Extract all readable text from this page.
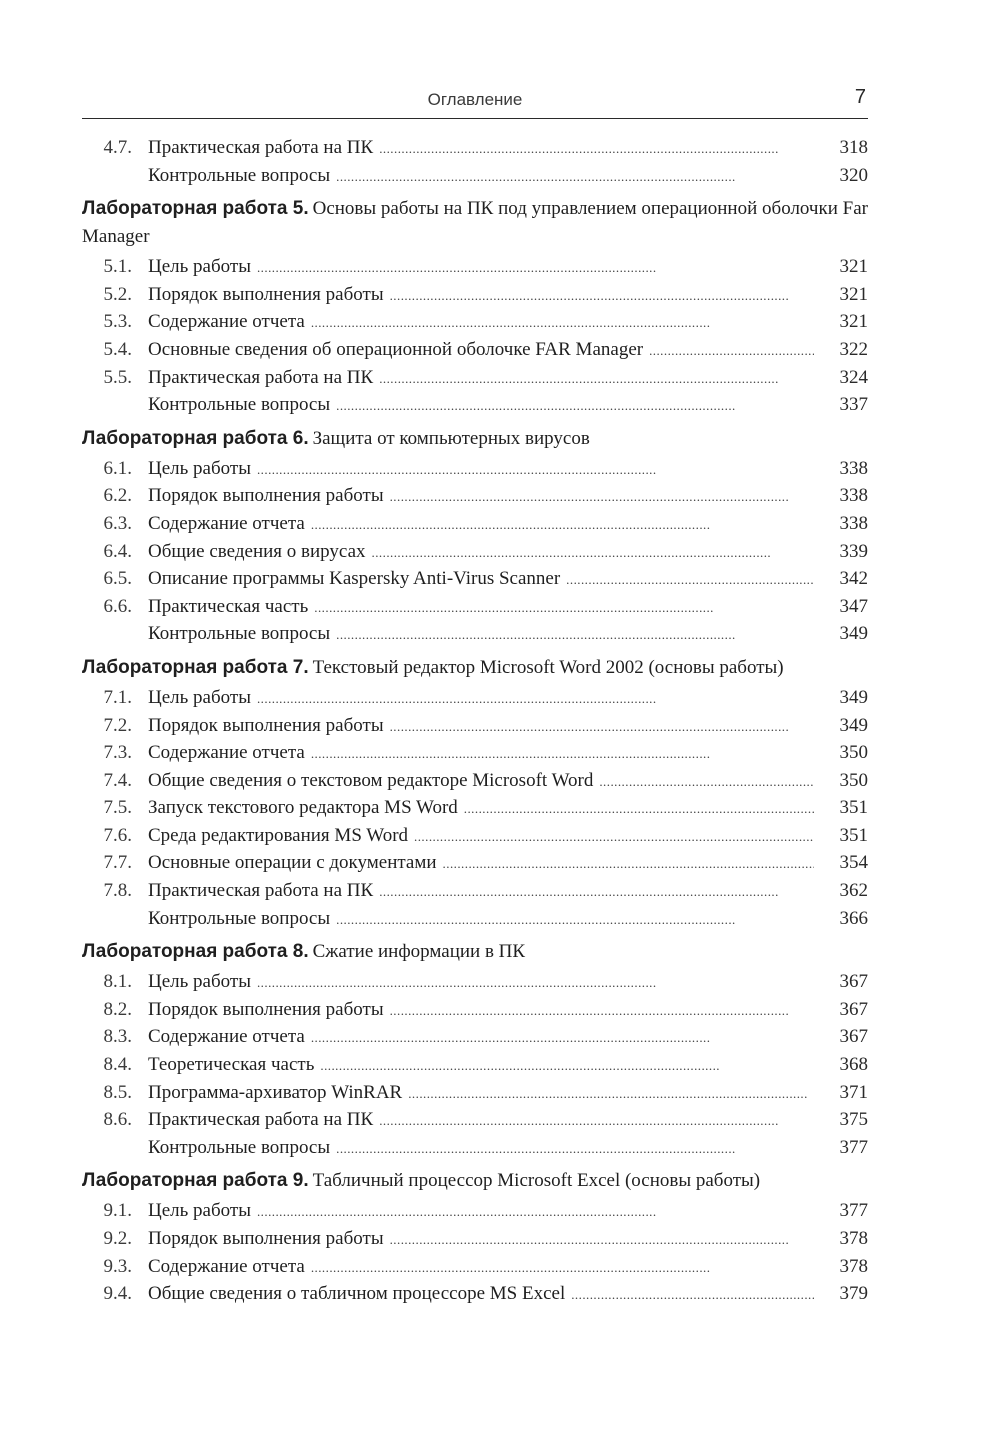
Оглавление	7
4.7. Практическая работа на ПК . . .	318
Контрольные вопросы . . .	320
Лабораторная работа 5. Основы работы на ПК под управлением операционной оболочки Far Manager
5.1. Цель работы . . .	321
5.2. Порядок выполнения работы . . .	321
5.3. Содержание отчета . . .	321
5.4. Основные сведения об операционной оболочке FAR Manager . . .	322
5.5. Практическая работа на ПК . . .	324
Контрольные вопросы . . .	337
Лабораторная работа 6. Защита от компьютерных вирусов
6.1. Цель работы . . .	338
6.2. Порядок выполнения работы . . .	338
6.3. Содержание отчета . . .	338
6.4. Общие сведения о вирусах . . .	339
6.5. Описание программы Kaspersky Anti-Virus Scanner . . .	342
6.6. Практическая часть . . .	347
Контрольные вопросы . . .	349
Лабораторная работа 7. Текстовый редактор Microsoft Word 2002 (основы работы)
7.1. Цель работы . . .	349
7.2. Порядок выполнения работы . . .	349
7.3. Содержание отчета . . .	350
7.4. Общие сведения о текстовом редакторе Microsoft Word . . .	350
7.5. Запуск текстового редактора MS Word . . .	351
7.6. Среда редактирования MS Word . . .	351
7.7. Основные операции с документами . . .	354
7.8. Практическая работа на ПК . . .	362
Контрольные вопросы . . .	366
Лабораторная работа 8. Сжатие информации в ПК
8.1. Цель работы . . .	367
8.2. Порядок выполнения работы . . .	367
8.3. Содержание отчета . . .	367
8.4. Теоретическая часть . . .	368
8.5. Программа-архиватор WinRAR . . .	371
8.6. Практическая работа на ПК . . .	375
Контрольные вопросы . . .	377
Лабораторная работа 9. Табличный процессор Microsoft Excel (основы работы)
9.1. Цель работы . . .	377
9.2. Порядок выполнения работы . . .	378
9.3. Содержание отчета . . .	378
9.4. Общие сведения о табличном процессоре MS Excel . . .	379
